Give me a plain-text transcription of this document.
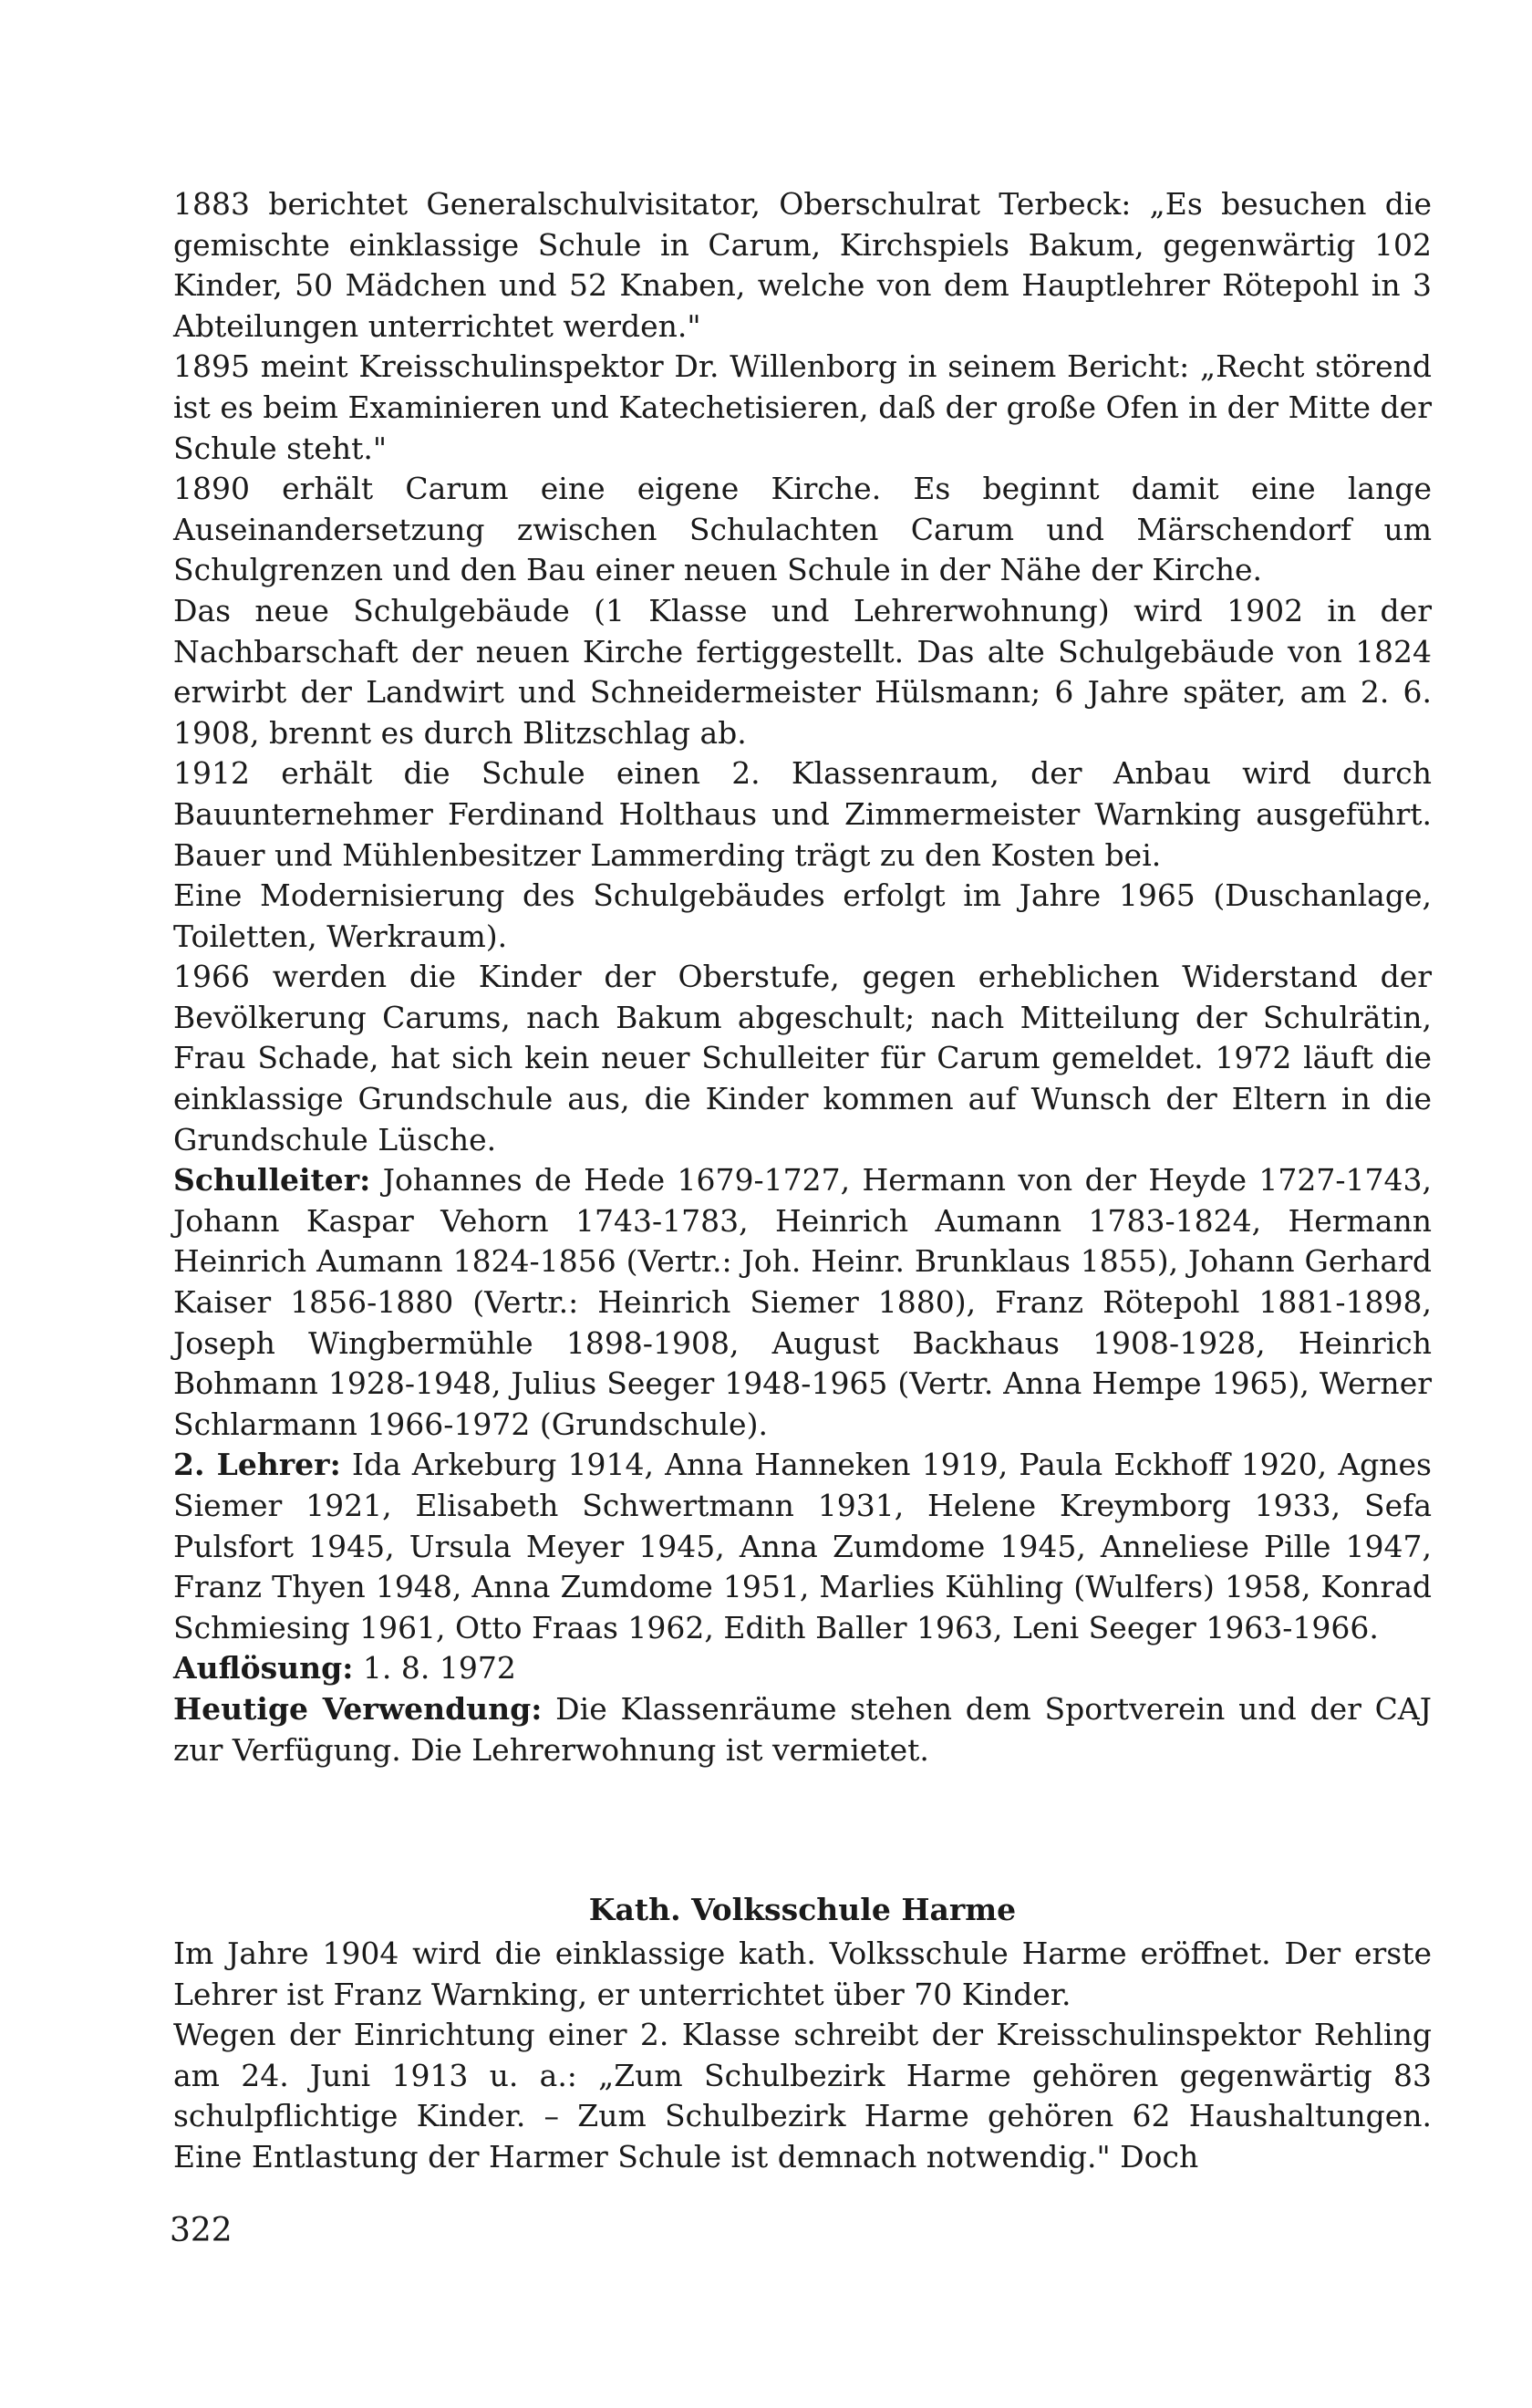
1883 berichtet Generalschulvisitator, Oberschulrat Terbeck: „Es besuchen die gemischte einklassige Schule in Carum, Kirchspiels Bakum, gegenwärtig 102 Kinder, 50 Mädchen und 52 Knaben, welche von dem Hauptlehrer Rötepohl in 3 Abteilungen unterrichtet werden."

1895 meint Kreisschulinspektor Dr. Willenborg in seinem Bericht: „Recht störend ist es beim Examinieren und Katechetisieren, daß der große Ofen in der Mitte der Schule steht."

1890 erhält Carum eine eigene Kirche. Es beginnt damit eine lange Auseinandersetzung zwischen Schulachten Carum und Märschendorf um Schulgrenzen und den Bau einer neuen Schule in der Nähe der Kirche.

Das neue Schulgebäude (1 Klasse und Lehrerwohnung) wird 1902 in der Nachbarschaft der neuen Kirche fertiggestellt. Das alte Schulgebäude von 1824 erwirbt der Landwirt und Schneidermeister Hülsmann; 6 Jahre später, am 2. 6. 1908, brennt es durch Blitzschlag ab.

1912 erhält die Schule einen 2. Klassenraum, der Anbau wird durch Bauunternehmer Ferdinand Holthaus und Zimmermeister Warnking ausgeführt. Bauer und Mühlenbesitzer Lammerding trägt zu den Kosten bei.

Eine Modernisierung des Schulgebäudes erfolgt im Jahre 1965 (Duschanlage, Toiletten, Werkraum).

1966 werden die Kinder der Oberstufe, gegen erheblichen Widerstand der Bevölkerung Carums, nach Bakum abgeschult; nach Mitteilung der Schulrätin, Frau Schade, hat sich kein neuer Schulleiter für Carum gemeldet. 1972 läuft die einklassige Grundschule aus, die Kinder kommen auf Wunsch der Eltern in die Grundschule Lüsche.

Schulleiter: Johannes de Hede 1679-1727, Hermann von der Heyde 1727-1743, Johann Kaspar Vehorn 1743-1783, Heinrich Aumann 1783-1824, Hermann Heinrich Aumann 1824-1856 (Vertr.: Joh. Heinr. Brunklaus 1855), Johann Gerhard Kaiser 1856-1880 (Vertr.: Heinrich Siemer 1880), Franz Rötepohl 1881-1898, Joseph Wingbermühle 1898-1908, August Backhaus 1908-1928, Heinrich Bohmann 1928-1948, Julius Seeger 1948-1965 (Vertr. Anna Hempe 1965), Werner Schlarmann 1966-1972 (Grundschule).

2. Lehrer: Ida Arkeburg 1914, Anna Hanneken 1919, Paula Eckhoff 1920, Agnes Siemer 1921, Elisabeth Schwertmann 1931, Helene Kreymborg 1933, Sefa Pulsfort 1945, Ursula Meyer 1945, Anna Zumdome 1945, Anneliese Pille 1947, Franz Thyen 1948, Anna Zumdome 1951, Marlies Kühling (Wulfers) 1958, Konrad Schmiesing 1961, Otto Fraas 1962, Edith Baller 1963, Leni Seeger 1963-1966.

Auflösung: 1. 8. 1972

Heutige Verwendung: Die Klassenräume stehen dem Sportverein und der CAJ zur Verfügung. Die Lehrerwohnung ist vermietet.

Kath. Volksschule Harme

Im Jahre 1904 wird die einklassige kath. Volksschule Harme eröffnet. Der erste Lehrer ist Franz Warnking, er unterrichtet über 70 Kinder.

Wegen der Einrichtung einer 2. Klasse schreibt der Kreisschulinspektor Rehling am 24. Juni 1913 u. a.: „Zum Schulbezirk Harme gehören gegenwärtig 83 schulpflichtige Kinder. – Zum Schulbezirk Harme gehören 62 Haushaltungen. Eine Entlastung der Harmer Schule ist demnach notwendig." Doch

322
